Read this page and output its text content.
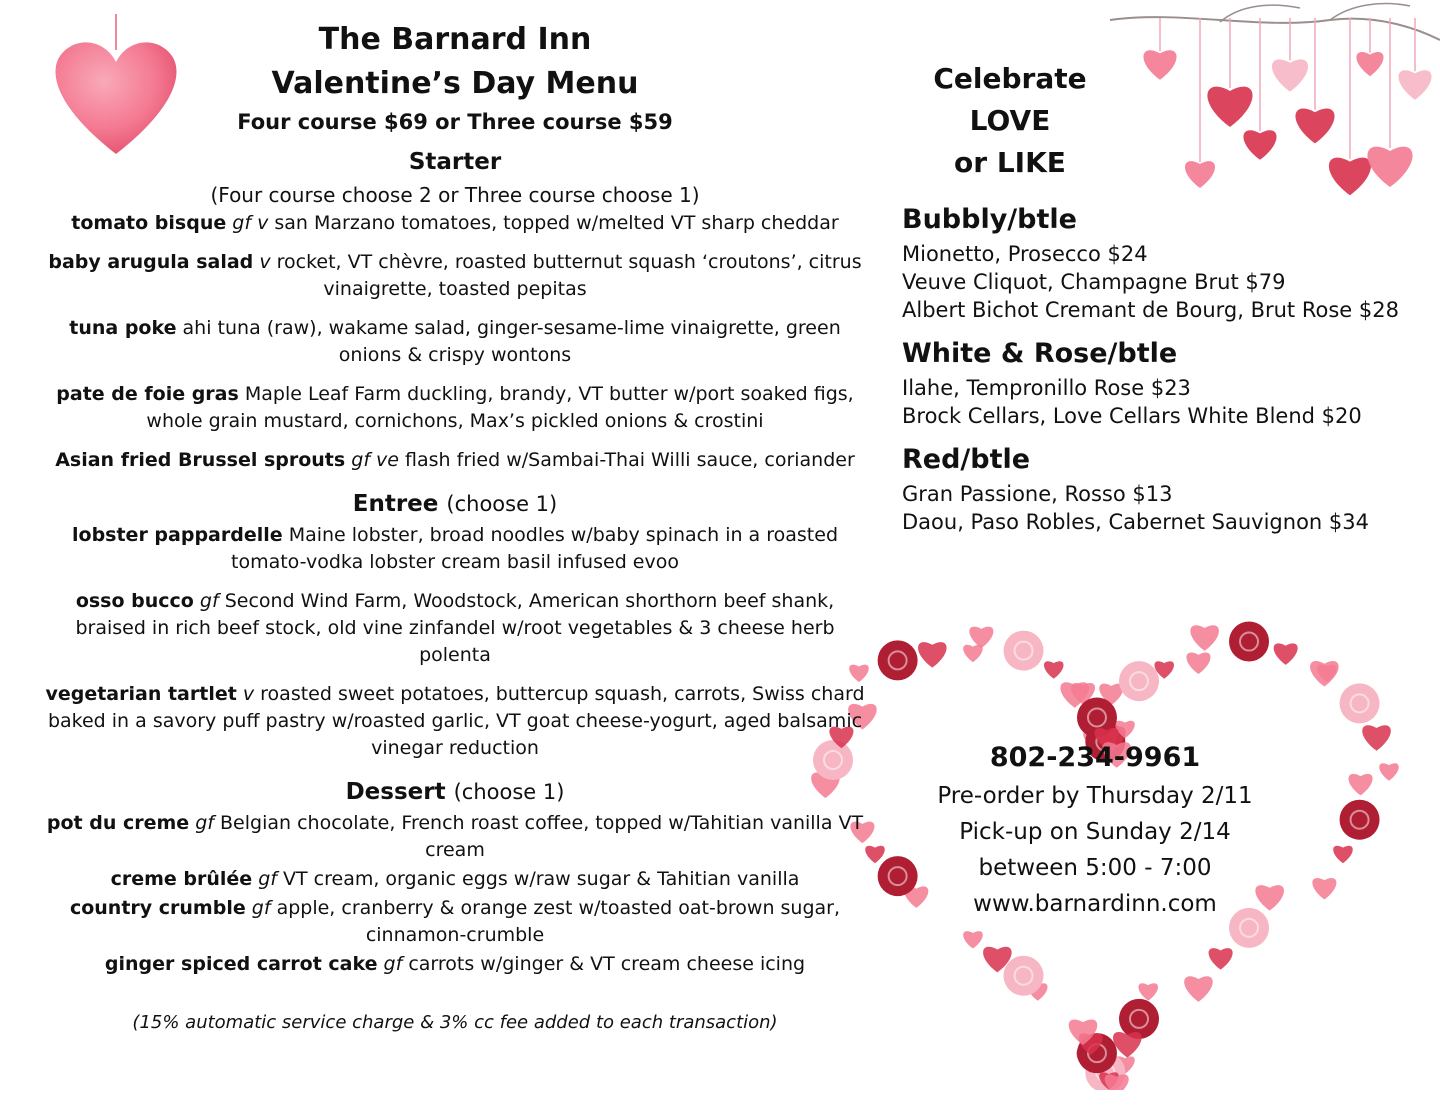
The Barnard Inn
Valentine’s Day Menu
Four course $69 or Three course $59
Starter
(Four course choose 2 or Three course choose 1)
tomato bisque gf v san Marzano tomatoes, topped w/melted VT sharp cheddar
baby arugula salad v rocket, VT chèvre, roasted butternut squash ‘croutons’, citrus vinaigrette, toasted pepitas
tuna poke ahi tuna (raw), wakame salad, ginger-sesame-lime vinaigrette, green onions & crispy wontons
pate de foie gras Maple Leaf Farm duckling, brandy, VT butter w/port soaked figs, whole grain mustard, cornichons, Max’s pickled onions & crostini
Asian fried Brussel sprouts gf ve flash fried w/Sambai-Thai Willi sauce, coriander
Entree (choose 1)
lobster pappardelle Maine lobster, broad noodles w/baby spinach in a roasted tomato-vodka lobster cream basil infused evoo
osso bucco gf Second Wind Farm, Woodstock, American shorthorn beef shank, braised in rich beef stock, old vine zinfandel w/root vegetables & 3 cheese herb polenta
vegetarian tartlet v roasted sweet potatoes, buttercup squash, carrots, Swiss chard baked in a savory puff pastry w/roasted garlic, VT goat cheese-yogurt, aged balsamic vinegar reduction
Dessert (choose 1)
pot du creme gf Belgian chocolate, French roast coffee, topped w/Tahitian vanilla VT cream
creme brûlée gf VT cream, organic eggs w/raw sugar & Tahitian vanilla
country crumble gf apple, cranberry & orange zest w/toasted oat-brown sugar, cinnamon-crumble
ginger spiced carrot cake gf carrots w/ginger & VT cream cheese icing
(15% automatic service charge & 3% cc fee added to each transaction)
Celebrate
LOVE
or LIKE
Bubbly/btle
Mionetto, Prosecco $24
Veuve Cliquot, Champagne Brut $79
Albert Bichot Cremant de Bourg, Brut Rose $28
White & Rose/btle
Ilahe, Tempronillo Rose $23
Brock Cellars, Love Cellars White Blend $20
Red/btle
Gran Passione, Rosso $13
Daou, Paso Robles, Cabernet Sauvignon $34
802-234-9961
Pre-order by Thursday 2/11
Pick-up on Sunday 2/14
between 5:00 - 7:00
www.barnardinn.com
